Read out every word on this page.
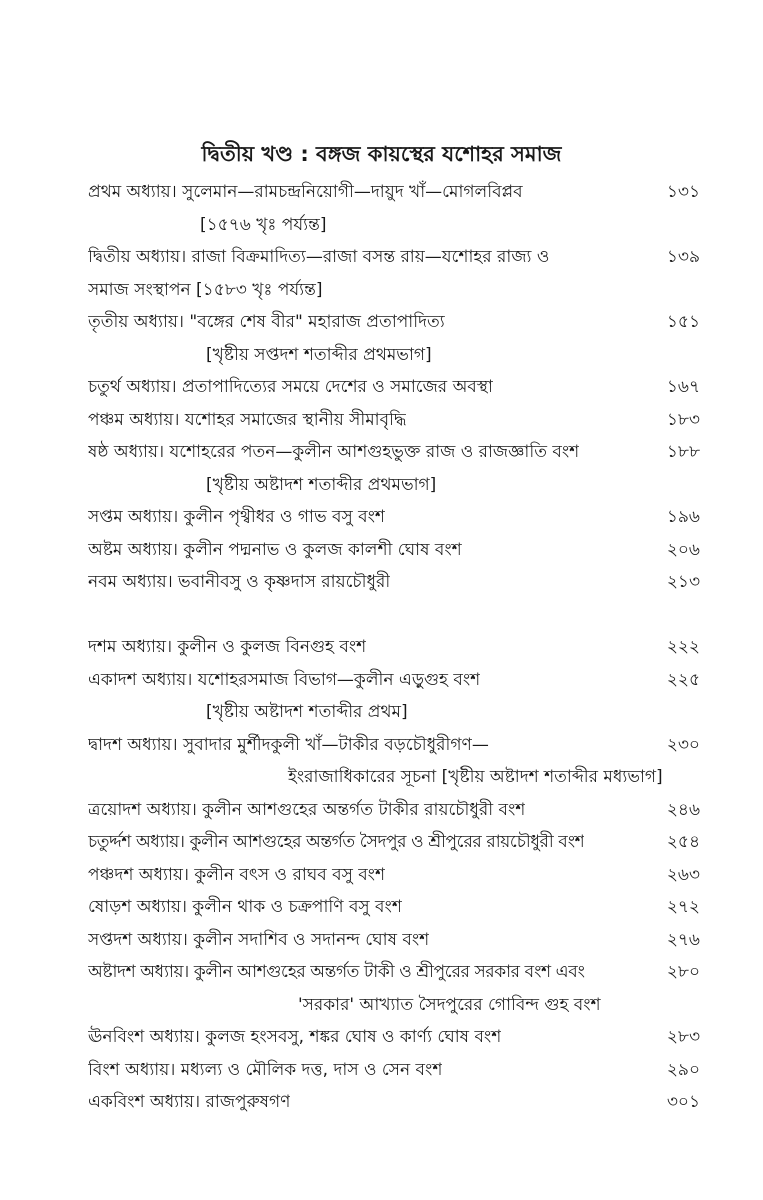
দ্বিতীয় খণ্ড : বঙ্গজ কায়স্থের যশোহর সমাজ
প্রথম অধ্যায়। সুলেমান—রামচন্দ্রনিয়োগী—দায়ুদ খাঁ—মোগলবিপ্লব	১৩১
[১৫৭৬ খৃঃ পর্য্যন্ত]
দ্বিতীয় অধ্যায়। রাজা বিক্রমাদিত্য—রাজা বসন্ত রায়—যশোহর রাজ্য ও	১৩৯
সমাজ সংস্থাপন [১৫৮৩ খৃঃ পর্য্যন্ত]
তৃতীয় অধ্যায়। "বঙ্গের শেষ বীর" মহারাজ প্রতাপাদিত্য	১৫১
[খৃষ্টীয় সপ্তদশ শতাব্দীর প্রথমভাগ]
চতুর্থ অধ্যায়। প্রতাপাদিত্যের সময়ে দেশের ও সমাজের অবস্থা	১৬৭
পঞ্চম অধ্যায়। যশোহর সমাজের স্থানীয় সীমাবৃদ্ধি	১৮৩
ষষ্ঠ অধ্যায়। যশোহরের পতন—কুলীন আশগুহভুক্ত রাজ ও রাজজ্ঞাতি বংশ	১৮৮
[খৃষ্টীয় অষ্টাদশ শতাব্দীর প্রথমভাগ]
সপ্তম অধ্যায়। কুলীন পৃথ্বীধর ও গাভ বসু বংশ	১৯৬
অষ্টম অধ্যায়। কুলীন পদ্মনাভ ও কুলজ কালশী ঘোষ বংশ	২০৬
নবম অধ্যায়। ভবানীবসু ও কৃষ্ণদাস রায়চৌধুরী	২১৩

দশম অধ্যায়। কুলীন ও কুলজ বিনগুহ বংশ	২২২
একাদশ অধ্যায়। যশোহরসমাজ বিভাগ—কুলীন এড়ুগুহ বংশ	২২৫
[খৃষ্টীয় অষ্টাদশ শতাব্দীর প্রথম]
দ্বাদশ অধ্যায়। সুবাদার মুর্শীদকুলী খাঁ—টাকীর বড়চৌধুরীগণ—	২৩০
ইংরাজাধিকারের সূচনা [খৃষ্টীয় অষ্টাদশ শতাব্দীর মধ্যভাগ]
ত্রয়োদশ অধ্যায়। কুলীন আশগুহের অন্তর্গত টাকীর রায়চৌধুরী বংশ	২৪৬
চতুর্দ্দশ অধ্যায়। কুলীন আশগুহের অন্তর্গত সৈদপুর ও শ্রীপুরের রায়চৌধুরী বংশ	২৫৪
পঞ্চদশ অধ্যায়। কুলীন বৎস ও রাঘব বসু বংশ	২৬৩
ষোড়শ অধ্যায়। কুলীন থাক ও চক্রপাণি বসু বংশ	২৭২
সপ্তদশ অধ্যায়। কুলীন সদাশিব ও সদানন্দ ঘোষ বংশ	২৭৬
অষ্টাদশ অধ্যায়। কুলীন আশগুহের অন্তর্গত টাকী ও শ্রীপুরের সরকার বংশ এবং	২৮০
'সরকার' আখ্যাত সৈদপুরের গোবিন্দ গুহ বংশ
ঊনবিংশ অধ্যায়। কুলজ হংসবসু, শঙ্কর ঘোষ ও কার্ণ্য ঘোষ বংশ	২৮৩
বিংশ অধ্যায়। মধ্যল্য ও মৌলিক দত্ত, দাস ও সেন বংশ	২৯০
একবিংশ অধ্যায়। রাজপুরুষগণ	৩০১
